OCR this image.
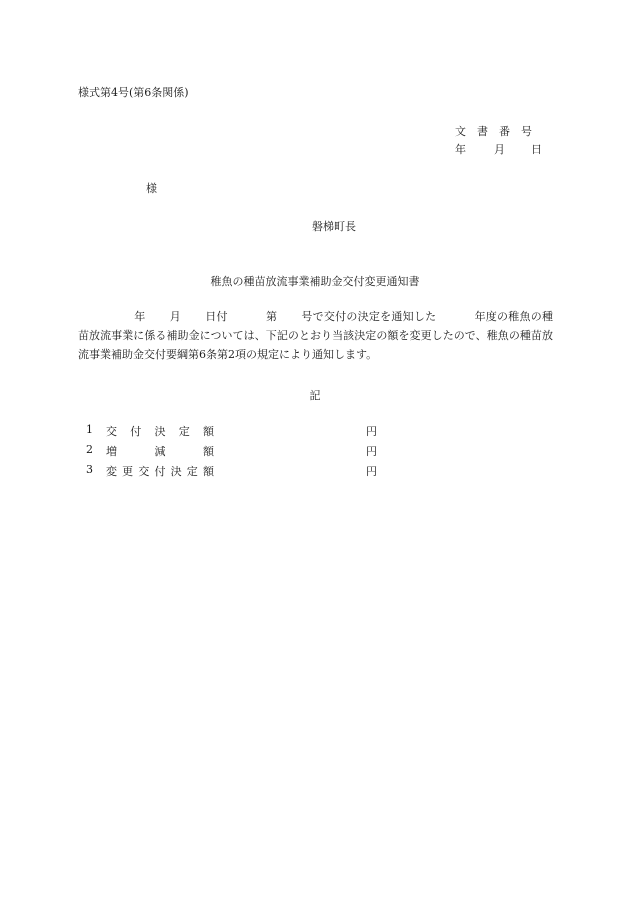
様式第4号(第6条関係)
文書番号
年	月 日
様
磐梯町長
稚魚の種苗放流事業補助金交付変更通知書
年 月 日付	第 号で交付の決定を通知した	年度の稚魚の種苗放流事業に係る補助金については、下記のとおり当該決定の額を変更したので、稚魚の種苗放流事業補助金交付要綱第6条第2項の規定により通知します。
記
1 交 付 決 定 額	円
2 増	減	額	円
3 変 更 交 付 決 定 額	円
